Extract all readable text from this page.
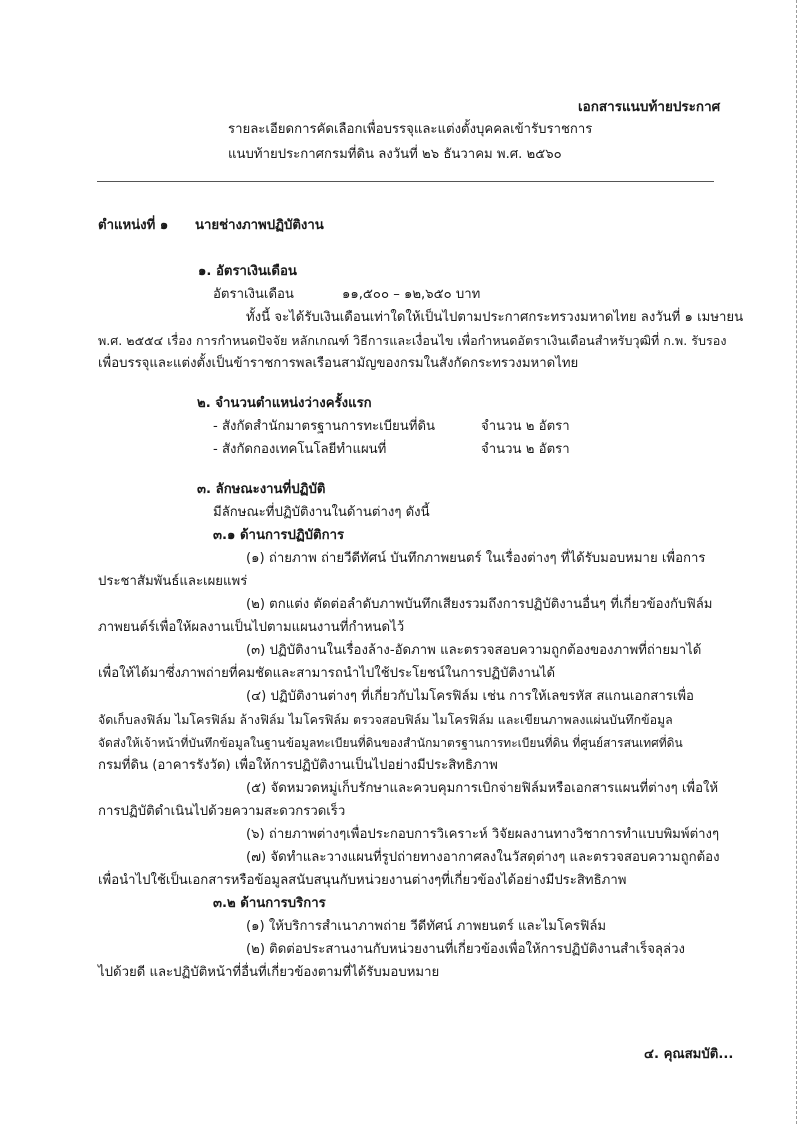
เอกสารแนบท้ายประกาศ
รายละเอียดการคัดเลือกเพื่อบรรจุและแต่งตั้งบุคคลเข้ารับราชการ
แนบท้ายประกาศกรมที่ดิน ลงวันที่ ๒๖ ธันวาคม พ.ศ. ๒๕๖๐
ตำแหน่งที่ ๑ นายช่างภาพปฏิบัติงาน
๑. อัตราเงินเดือน
อัตราเงินเดือน	๑๑,๕๐๐ – ๑๒,๖๕๐ บาท
ทั้งนี้ จะได้รับเงินเดือนเท่าใดให้เป็นไปตามประกาศกระทรวงมหาดไทย ลงวันที่ ๑ เมษายน
พ.ศ. ๒๕๕๔ เรื่อง การกำหนดปัจจัย หลักเกณฑ์ วิธีการและเงื่อนไข เพื่อกำหนดอัตราเงินเดือนสำหรับวุฒิที่ ก.พ. รับรอง
เพื่อบรรจุและแต่งตั้งเป็นข้าราชการพลเรือนสามัญของกรมในสังกัดกระทรวงมหาดไทย
๒. จำนวนตำแหน่งว่างครั้งแรก
- สังกัดสำนักมาตรฐานการทะเบียนที่ดิน	จำนวน ๒ อัตรา
- สังกัดกองเทคโนโลยีทำแผนที่	จำนวน ๒ อัตรา
๓. ลักษณะงานที่ปฏิบัติ
มีลักษณะที่ปฏิบัติงานในด้านต่างๆ ดังนี้
๓.๑ ด้านการปฏิบัติการ
(๑) ถ่ายภาพ ถ่ายวีดีทัศน์ บันทึกภาพยนตร์ ในเรื่องต่างๆ ที่ได้รับมอบหมาย เพื่อการ
ประชาสัมพันธ์และเผยแพร่
(๒) ตกแต่ง ตัดต่อลำดับภาพบันทึกเสียงรวมถึงการปฏิบัติงานอื่นๆ ที่เกี่ยวข้องกับฟิล์ม
ภาพยนต์ร์เพื่อให้ผลงานเป็นไปตามแผนงานที่กำหนดไว้
(๓) ปฏิบัติงานในเรื่องล้าง-อัดภาพ และตรวจสอบความถูกต้องของภาพที่ถ่ายมาได้
เพื่อให้ได้มาซึ่งภาพถ่ายที่คมชัดและสามารถนำไปใช้ประโยชน์ในการปฏิบัติงานได้
(๔) ปฏิบัติงานต่างๆ ที่เกี่ยวกับไมโครฟิล์ม เช่น การให้เลขรหัส สแกนเอกสารเพื่อ
จัดเก็บลงฟิล์ม ไมโครฟิล์ม ล้างฟิล์ม ไมโครฟิล์ม ตรวจสอบฟิล์ม ไมโครฟิล์ม และเขียนภาพลงแผ่นบันทึกข้อมูล
จัดส่งให้เจ้าหน้าที่บันทึกข้อมูลในฐานข้อมูลทะเบียนที่ดินของสำนักมาตรฐานการทะเบียนที่ดิน ที่ศูนย์สารสนเทศที่ดิน
กรมที่ดิน (อาคารรังวัด) เพื่อให้การปฏิบัติงานเป็นไปอย่างมีประสิทธิภาพ
(๕) จัดหมวดหมู่เก็บรักษาและควบคุมการเบิกจ่ายฟิล์มหรือเอกสารแผนที่ต่างๆ เพื่อให้
การปฏิบัติดำเนินไปด้วยความสะดวกรวดเร็ว
(๖) ถ่ายภาพต่างๆเพื่อประกอบการวิเคราะห์ วิจัยผลงานทางวิชาการทำแบบพิมพ์ต่างๆ
(๗) จัดทำและวางแผนที่รูปถ่ายทางอากาศลงในวัสดุต่างๆ และตรวจสอบความถูกต้อง
เพื่อนำไปใช้เป็นเอกสารหรือข้อมูลสนับสนุนกับหน่วยงานต่างๆที่เกี่ยวข้องได้อย่างมีประสิทธิภาพ
๓.๒ ด้านการบริการ
(๑) ให้บริการสำเนาภาพถ่าย วีดีทัศน์ ภาพยนตร์ และไมโครฟิล์ม
(๒) ติดต่อประสานงานกับหน่วยงานที่เกี่ยวข้องเพื่อให้การปฏิบัติงานสำเร็จลุล่วง
ไปด้วยดี และปฏิบัติหน้าที่อื่นที่เกี่ยวข้องตามที่ได้รับมอบหมาย
๔. คุณสมบัติ...
